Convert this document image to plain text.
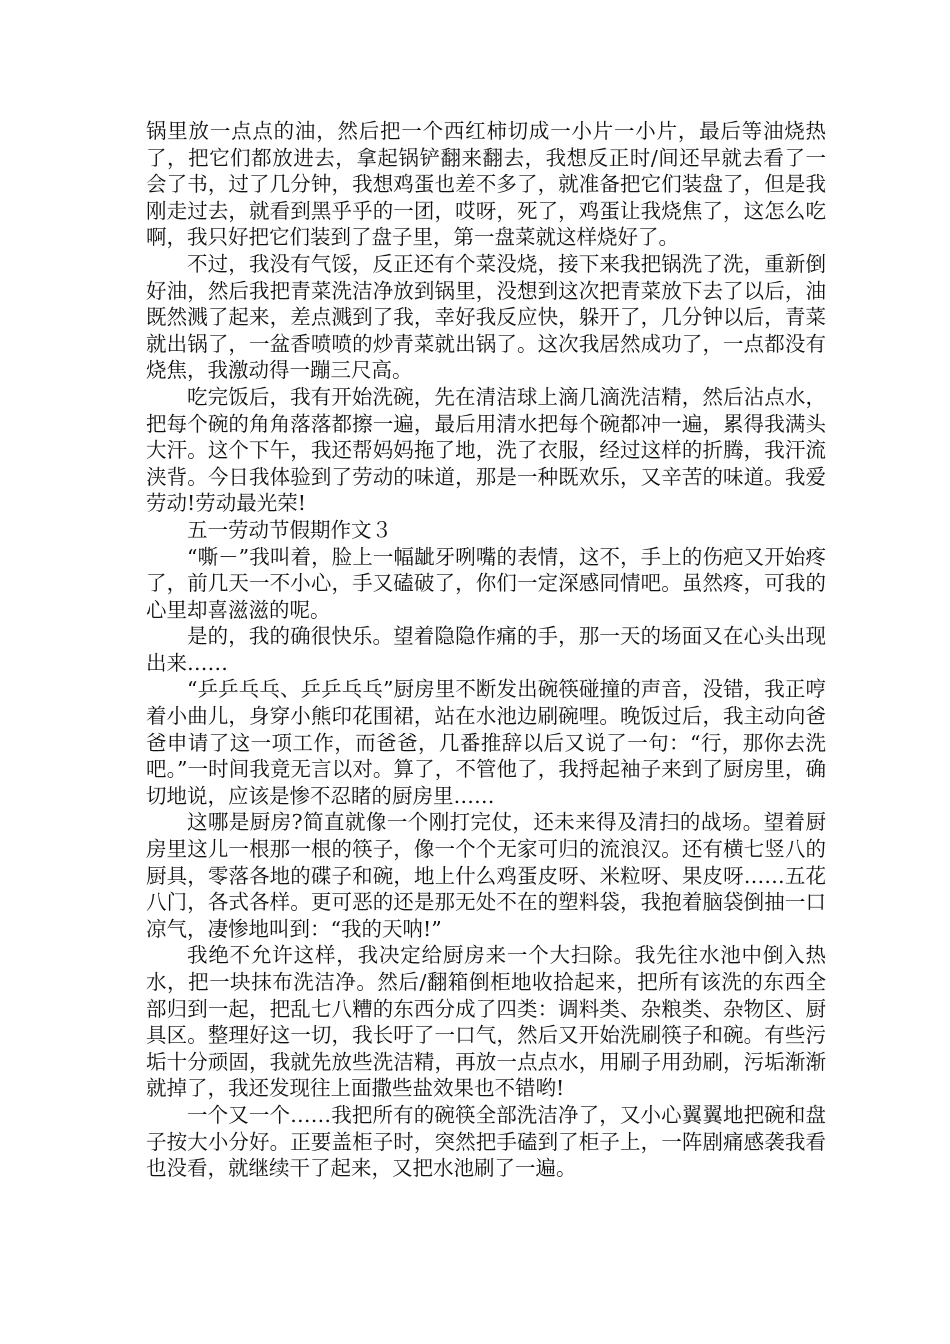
锅里放一点点的油，然后把一个西红柿切成一小片一小片，最后等油烧热了，把它们都放进去，拿起锅铲翻来翻去，我想反正时/间还早就去看了一会了书，过了几分钟，我想鸡蛋也差不多了，就准备把它们装盘了，但是我刚走过去，就看到黑乎乎的一团，哎呀，死了，鸡蛋让我烧焦了，这怎么吃啊，我只好把它们装到了盘子里，第一盘菜就这样烧好了。

不过，我没有气馁，反正还有个菜没烧，接下来我把锅洗了洗，重新倒好油，然后我把青菜洗洁净放到锅里，没想到这次把青菜放下去了以后，油既然溅了起来，差点溅到了我，幸好我反应快，躲开了，几分钟以后，青菜就出锅了，一盆香喷喷的炒青菜就出锅了。这次我居然成功了，一点都没有烧焦，我激动得一蹦三尺高。

吃完饭后，我有开始洗碗，先在清洁球上滴几滴洗洁精，然后沾点水，把每个碗的角角落落都擦一遍，最后用清水把每个碗都冲一遍，累得我满头大汗。这个下午，我还帮妈妈拖了地，洗了衣服，经过这样的折腾，我汗流浃背。今日我体验到了劳动的味道，那是一种既欢乐，又辛苦的味道。我爱劳动!劳动最光荣!

五一劳动节假期作文３

“嘶－”我叫着，脸上一幅龇牙咧嘴的表情，这不，手上的伤疤又开始疼了，前几天一不小心，手又磕破了，你们一定深感同情吧。虽然疼，可我的心里却喜滋滋的呢。

是的，我的确很快乐。望着隐隐作痛的手，那一天的场面又在心头出现出来……

“乒乒乓乓、乒乒乓乓”厨房里不断发出碗筷碰撞的声音，没错，我正哼着小曲儿，身穿小熊印花围裙，站在水池边刷碗哩。晚饭过后，我主动向爸爸申请了这一项工作，而爸爸，几番推辞以后又说了一句：“行，那你去洗吧。”一时间我竟无言以对。算了，不管他了，我捋起袖子来到了厨房里，确切地说，应该是惨不忍睹的厨房里……

这哪是厨房?简直就像一个刚打完仗，还未来得及清扫的战场。望着厨房里这儿一根那一根的筷子，像一个个无家可归的流浪汉。还有横七竖八的厨具，零落各地的碟子和碗，地上什么鸡蛋皮呀、米粒呀、果皮呀……五花八门，各式各样。更可恶的还是那无处不在的塑料袋，我抱着脑袋倒抽一口凉气，凄惨地叫到：“我的天呐!”

我绝不允许这样，我决定给厨房来一个大扫除。我先往水池中倒入热水，把一块抹布洗洁净。然后/翻箱倒柜地收拾起来，把所有该洗的东西全部归到一起，把乱七八糟的东西分成了四类：调料类、杂粮类、杂物区、厨具区。整理好这一切，我长吁了一口气，然后又开始洗刷筷子和碗。有些污垢十分顽固，我就先放些洗洁精，再放一点点水，用刷子用劲刷，污垢渐渐就掉了，我还发现往上面撒些盐效果也不错哟!

一个又一个……我把所有的碗筷全部洗洁净了，又小心翼翼地把碗和盘子按大小分好。正要盖柜子时，突然把手磕到了柜子上，一阵剧痛感袭我看也没看，就继续干了起来，又把水池刷了一遍。
